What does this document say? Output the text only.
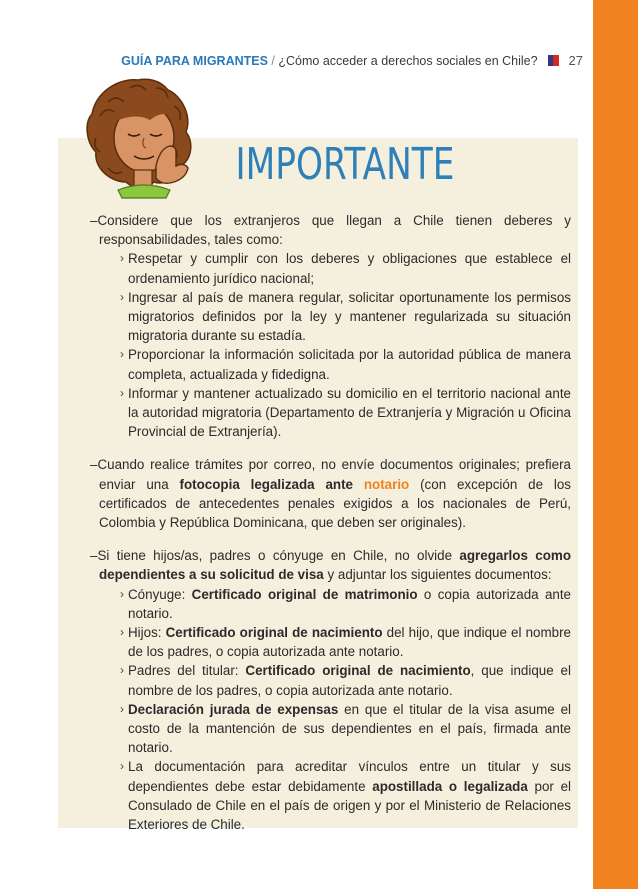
GUÍA PARA MIGRANTES / ¿Cómo acceder a derechos sociales en Chile? 27
IMPORTANTE

–Considere que los extranjeros que llegan a Chile tienen deberes y responsabilidades, tales como:

› Respetar y cumplir con los deberes y obligaciones que establece el ordenamiento jurídico nacional;
› Ingresar al país de manera regular, solicitar oportunamente los permisos migratorios definidos por la ley y mantener regularizada su situación migratoria durante su estadía.
› Proporcionar la información solicitada por la autoridad pública de manera completa, actualizada y fidedigna.
› Informar y mantener actualizado su domicilio en el territorio nacional ante la autoridad migratoria (Departamento de Extranjería y Migración u Oficina Provincial de Extranjería).

–Cuando realice trámites por correo, no envíe documentos originales; prefiera enviar una fotocopia legalizada ante notario (con excepción de los certificados de antecedentes penales exigidos a los nacionales de Perú, Colombia y República Dominicana, que deben ser originales).

–Si tiene hijos/as, padres o cónyuge en Chile, no olvide agregarlos como dependientes a su solicitud de visa y adjuntar los siguientes documentos:

› Cónyuge: Certificado original de matrimonio o copia autorizada ante notario.
› Hijos: Certificado original de nacimiento del hijo, que indique el nombre de los padres, o copia autorizada ante notario.
› Padres del titular: Certificado original de nacimiento, que indique el nombre de los padres, o copia autorizada ante notario.
› Declaración jurada de expensas en que el titular de la visa asume el costo de la mantención de sus dependientes en el país, firmada ante notario.
› La documentación para acreditar vínculos entre un titular y sus dependientes debe estar debidamente apostillada o legalizada por el Consulado de Chile en el país de origen y por el Ministerio de Relaciones Exteriores de Chile.
